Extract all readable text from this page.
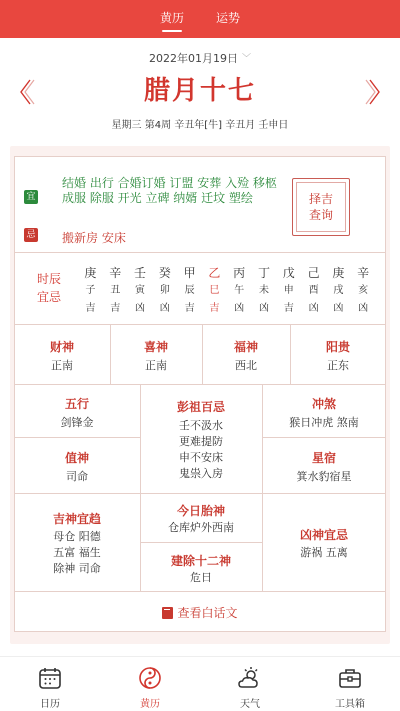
黄历	运势
2022年01月19日 ﹀
腊月十七
星期三 第4周 辛丑年[牛] 辛丑月 壬申日
宜
结婚 出行 合婚订婚 订盟 安葬 入殓 移柩 成服 除服 开光 立碑 纳婿 迁坟 塑绘
忌 搬新房 安床
择吉
查询
时辰宜忌
庚	辛	壬	癸	甲	乙	丙	丁	戊	己	庚	辛
子	丑	寅	卯	辰	巳	午	未	申	酉	戌	亥
吉	吉	凶	凶	吉	吉	凶	凶	吉	凶	凶	凶
财神
正南
喜神
正南
福神
西北
阳贵
正东
五行
剑锋金
值神
司命
吉神宜趋
母仓 阳德
五富 福生
除神 司命
彭祖百忌
壬不汲水
更难提防
申不安床
鬼祟入房
今日胎神
仓库炉外西南
建除十二神
危日
冲煞
猴日冲虎 煞南
星宿
箕水豹宿星
凶神宜忌
游祸 五离
查看白话文
日历	黄历	天气	工具箱
